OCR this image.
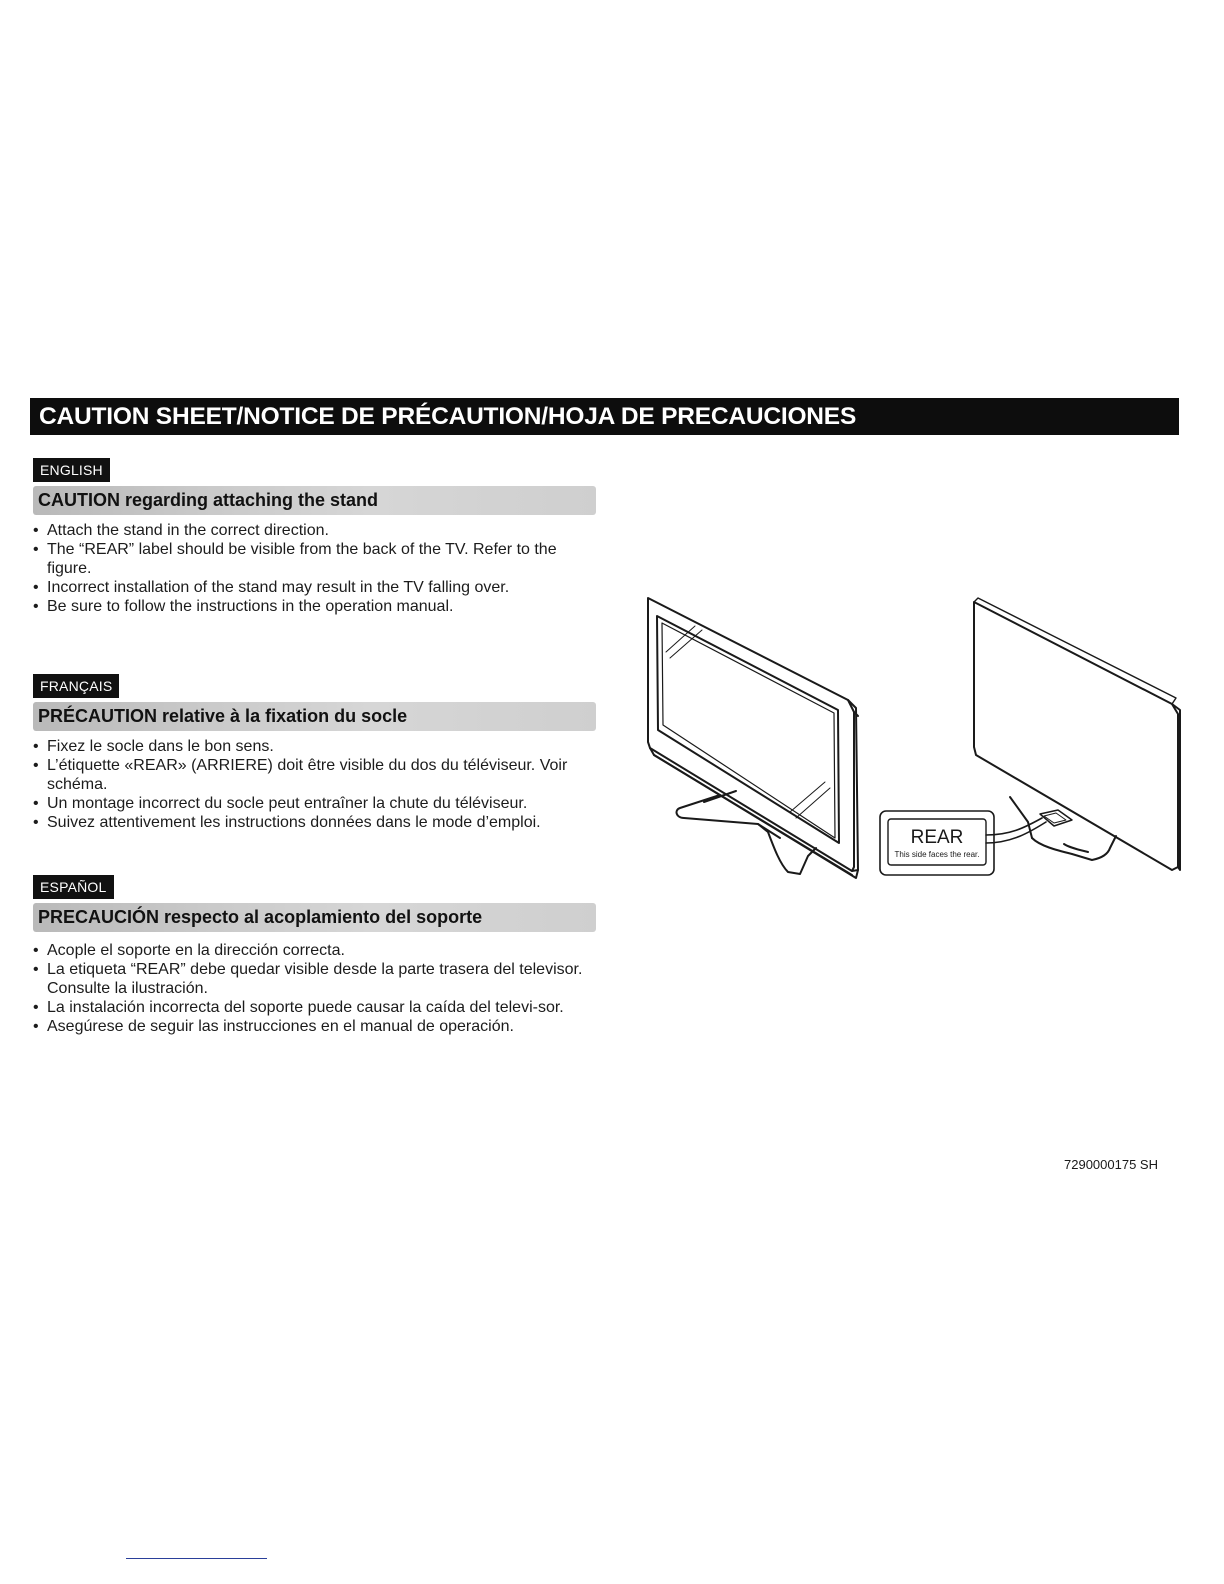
CAUTION SHEET/NOTICE DE PRÉCAUTION/HOJA DE PRECAUCIONES
ENGLISH
CAUTION regarding attaching the stand
• Attach the stand in the correct direction.
• The “REAR” label should be visible from the back of the TV. Refer to the figure.
• Incorrect installation of the stand may result in the TV falling over.
• Be sure to follow the instructions in the operation manual.
FRANÇAIS
PRÉCAUTION relative à la fixation du socle
• Fixez le socle dans le bon sens.
• L’étiquette «REAR» (ARRIERE) doit être visible du dos du téléviseur. Voir schéma.
• Un montage incorrect du socle peut entraîner la chute du téléviseur.
• Suivez attentivement les instructions données dans le mode d’emploi.
ESPAÑOL
PRECAUCIÓN respecto al acoplamiento del soporte
• Acople el soporte en la dirección correcta.
• La etiqueta “REAR” debe quedar visible desde la parte trasera del televisor. Consulte la ilustración.
• La instalación incorrecta del soporte puede causar la caída del televi-sor.
• Asegúrese de seguir las instrucciones en el manual de operación.
REAR
This side faces the rear.
7290000175 SH
